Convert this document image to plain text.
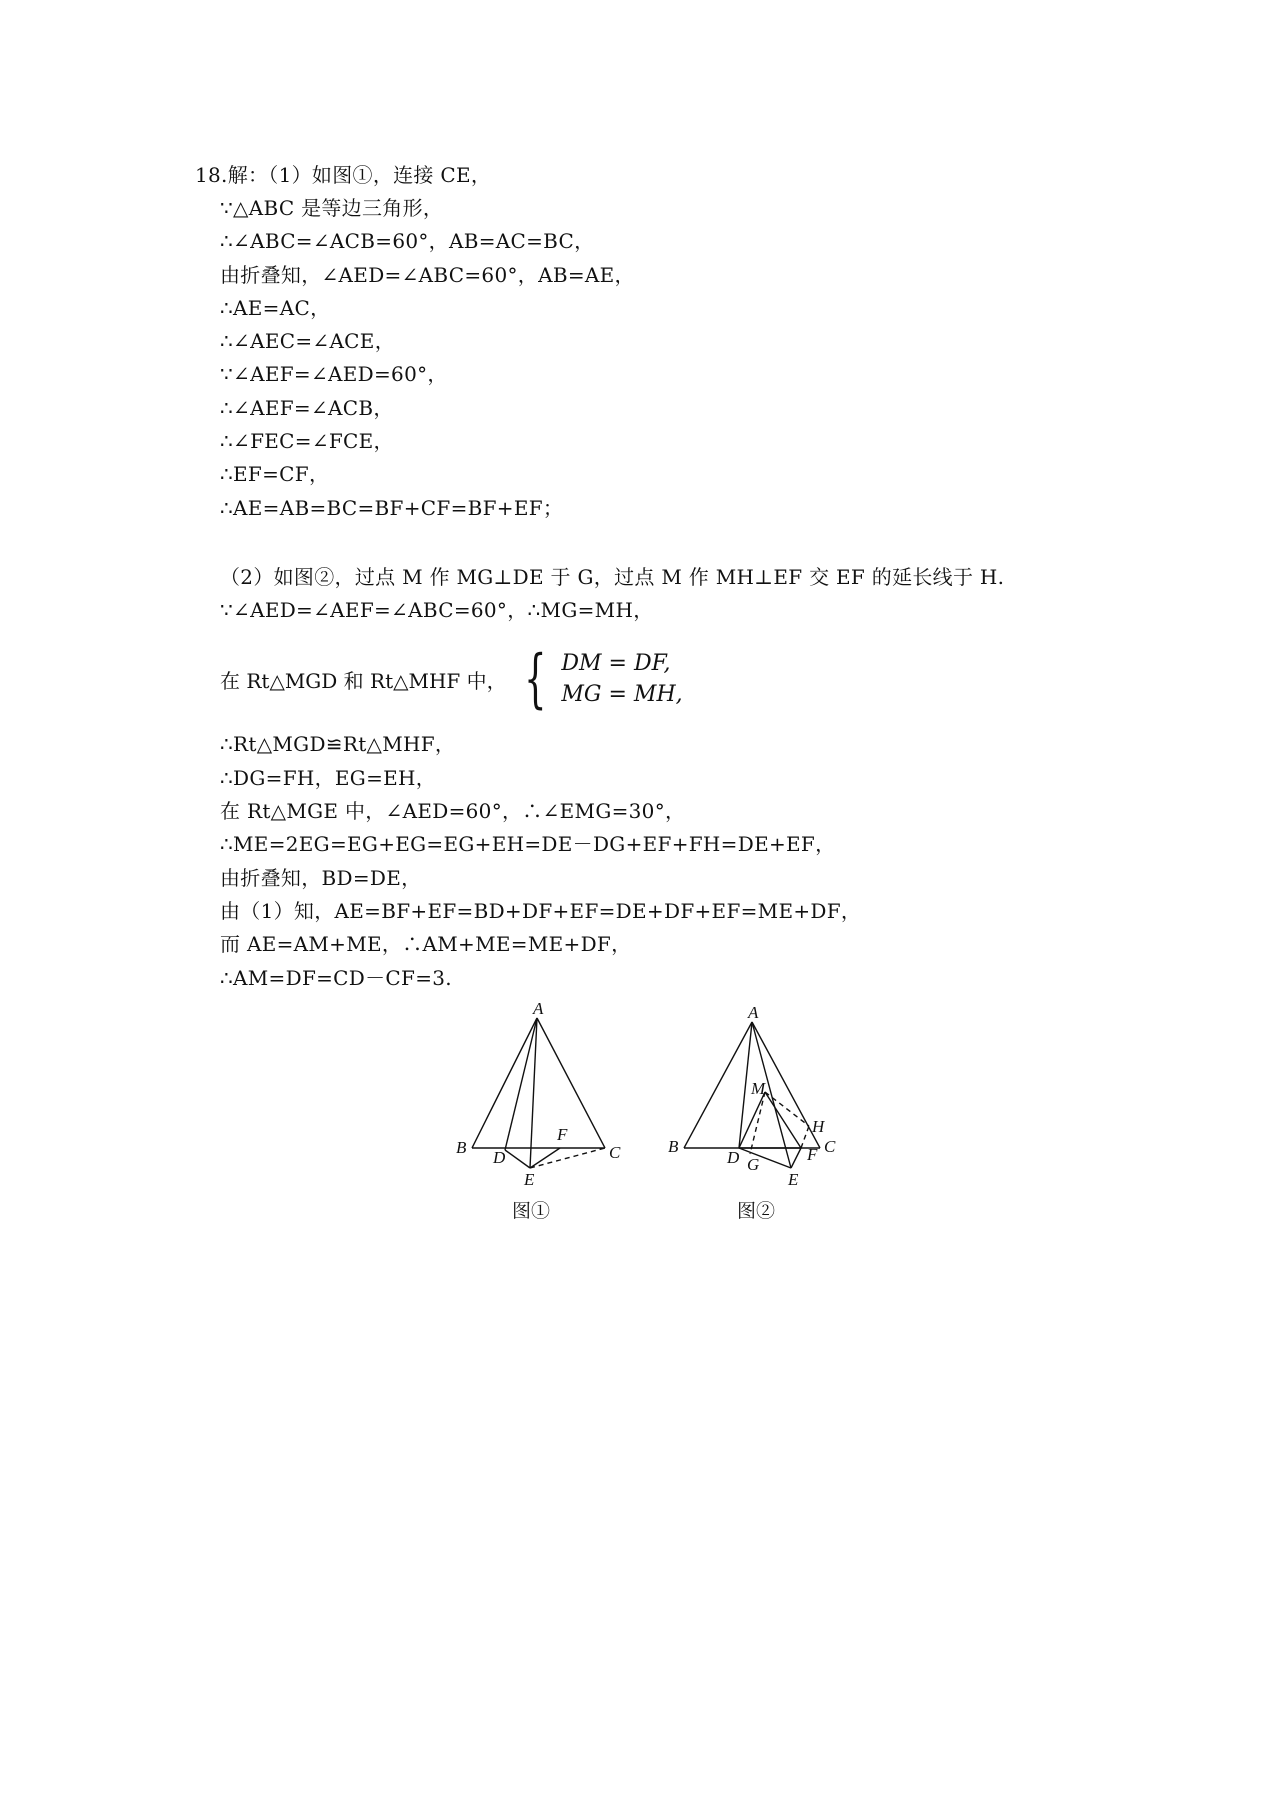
18.解：（1）如图①，连接 CE，
∵△ABC 是等边三角形，
∴∠ABC=∠ACB=60°，AB=AC=BC，
由折叠知，∠AED=∠ABC=60°，AB=AE，
∴AE=AC，
∴∠AEC=∠ACE，
∵∠AEF=∠AED=60°，
∴∠AEF=∠ACB，
∴∠FEC=∠FCE，
∴EF=CF，
∴AE=AB=BC=BF+CF=BF+EF；
（2）如图②，过点 M 作 MG⊥DE 于 G，过点 M 作 MH⊥EF 交 EF 的延长线于 H.
∵∠AED=∠AEF=∠ABC=60°，∴MG=MH，
在 Rt△MGD 和 Rt△MHF 中， { DM = DF,
MG = MH,
∴Rt△MGD≌Rt△MHF，
∴DG=FH，EG=EH，
在 Rt△MGE 中，∠AED=60°，∴∠EMG=30°，
∴ME=2EG=EG+EG=EG+EH=DE－DG+EF+FH=DE+EF，
由折叠知，BD=DE，
由（1）知，AE=BF+EF=BD+DF+EF=DE+DF+EF=ME+DF，
而 AE=AM+ME，∴AM+ME=ME+DF，
∴AM=DF=CD－CF=3.
A
B	C
D
E
F
A
M
H
B	C
D G
F
E
图①	图②
